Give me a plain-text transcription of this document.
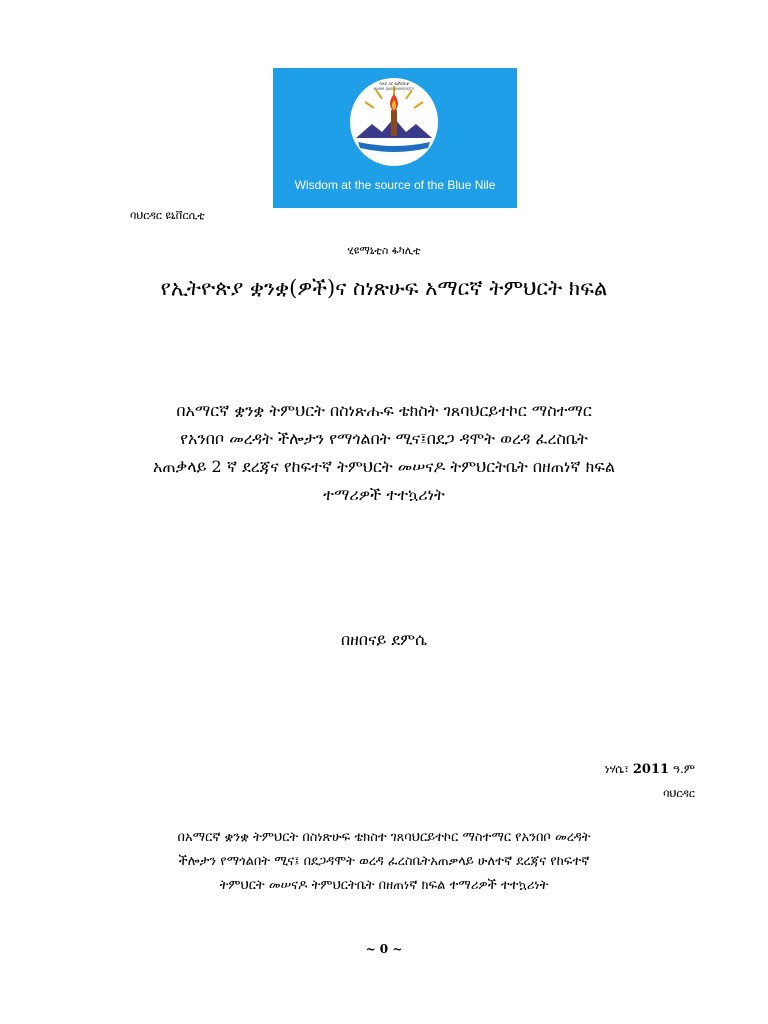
ባሕር ዳር ዩኒቨርሲቲ
BAHIR DAR UNIVERSITY
Wisdom at the source of the Blue Nile
ባህርዳር ዩኒቨርሲቲ
ሂዩማኒቲስ ፋካሊቲ
የኢትዮጵያ ቋንቋ(ዎች)ና ስነጽሁፍ አማርኛ ትምህርት ክፍል
በአማርኛ ቋንቋ ትምህርት በስነጽሑፍ ቴክስት ገጸባህርይተኮር ማስተማር
የአንበቦ መረዳት ችሎታን የማጎልበት ሚና፤በደጋ ዳሞት ወረዳ ፈረስቤት
አጠቃላይ 2 ኛ ደረጃና የከፍተኛ ትምህርት መሠናዶ ትምህርትቤት በዘጠነኛ ክፍል
ተማሪዎች ተተኳሪነት
በዘበናይ ደምሴ
ነሃሴ፣ 2011 ዓ.ም
ባህርዳር
በአማርኛ ቋንቋ ትምህርት በስነጽሁፍ ቴክስተ ገጸባህርይተኮር ማስተማር የአንበቦ መረዳት
ችሎታን የማጎልበት ሚና፤ በደጋዳሞት ወረዳ ፈረስቤትአጠቃላይ ሁለተኛ ደረጃና የከፍተኛ
ትምህርት መሠናዶ ትምህርትቤት በዘጠነኛ ክፍል ተማሪዎች ተተኳሪነት
~ 0 ~
